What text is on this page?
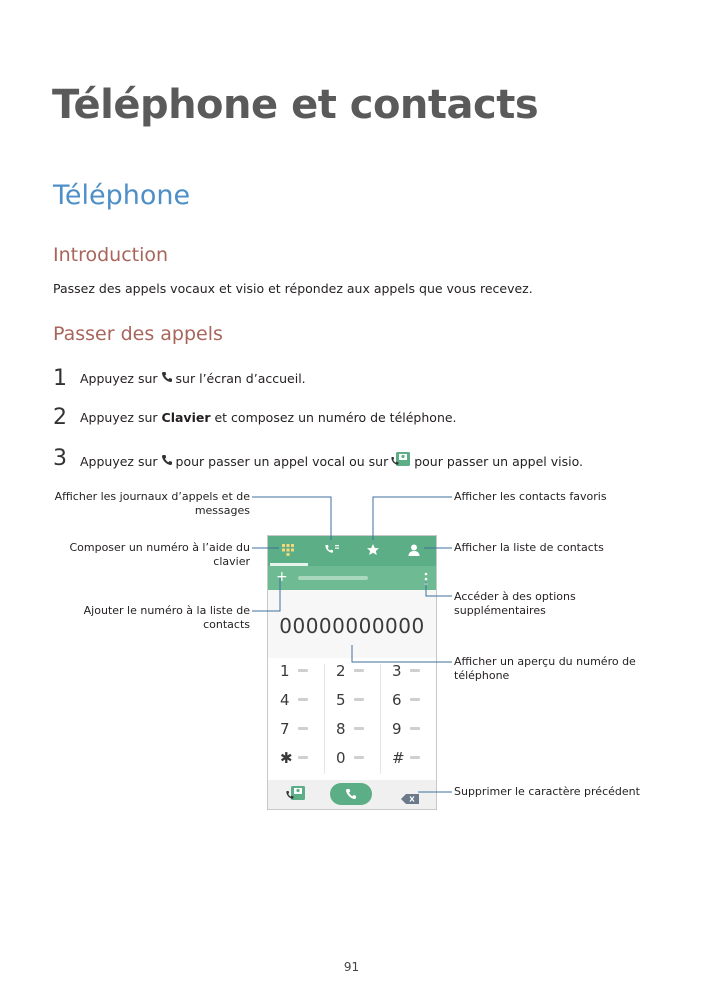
Téléphone et contacts
Téléphone
Introduction

Passez des appels vocaux et visio et répondez aux appels que vous recevez.

Passer des appels
1 Appuyez sur sur l’écran d’accueil.
2 Appuyez sur
Clavier
et composez un numéro de téléphone.
3 Appuyez sur pour passer un appel vocal ou sur pour passer un appel visio.
Afficher les journaux d’appels et de messages
Composer un numéro à l’aide du clavier
Ajouter le numéro à la liste de contacts
Afficher les contacts favoris
Afficher la liste de contacts
Accéder à des options supplémentaires
Afficher un aperçu du numéro de téléphone
Supprimer le caractère précédent
+
00000000000
1	2	3
4	5	6
7	8	9
✱	0	#
91
